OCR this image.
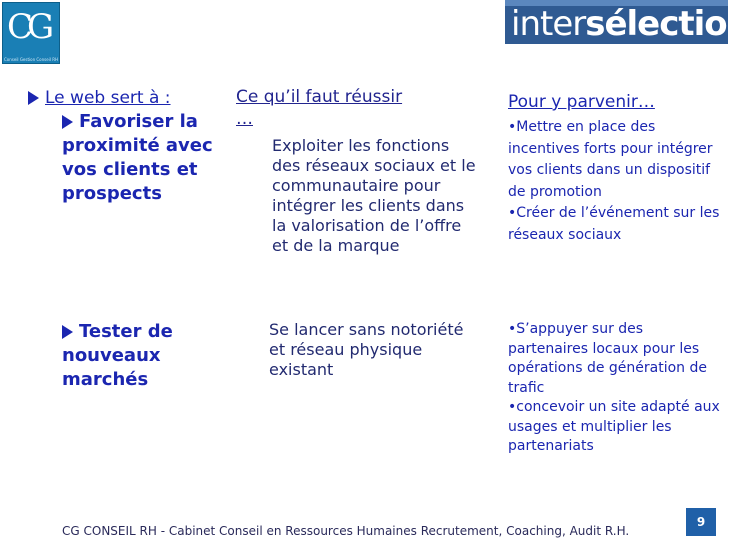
CG
Conseil Gestion Conseil RH
intersélection
Le web sert à :
Favoriser la proximité avec vos clients et prospects
Tester de nouveaux marchés
Ce qu’il faut réussir
…
Exploiter les fonctions des réseaux sociaux et le communautaire pour intégrer les clients dans la valorisation de l’offre et de la marque
Se lancer sans notoriété et réseau physique existant
Pour y parvenir…
•Mettre en place des incentives forts pour intégrer vos clients dans un dispositif de promotion
•Créer de l’événement sur les réseaux sociaux
•S’appuyer sur des partenaires locaux pour les opérations de génération de trafic
•concevoir un site adapté aux usages et multiplier les partenariats
CG CONSEIL RH - Cabinet Conseil en Ressources Humaines Recrutement, Coaching, Audit R.H.
9
